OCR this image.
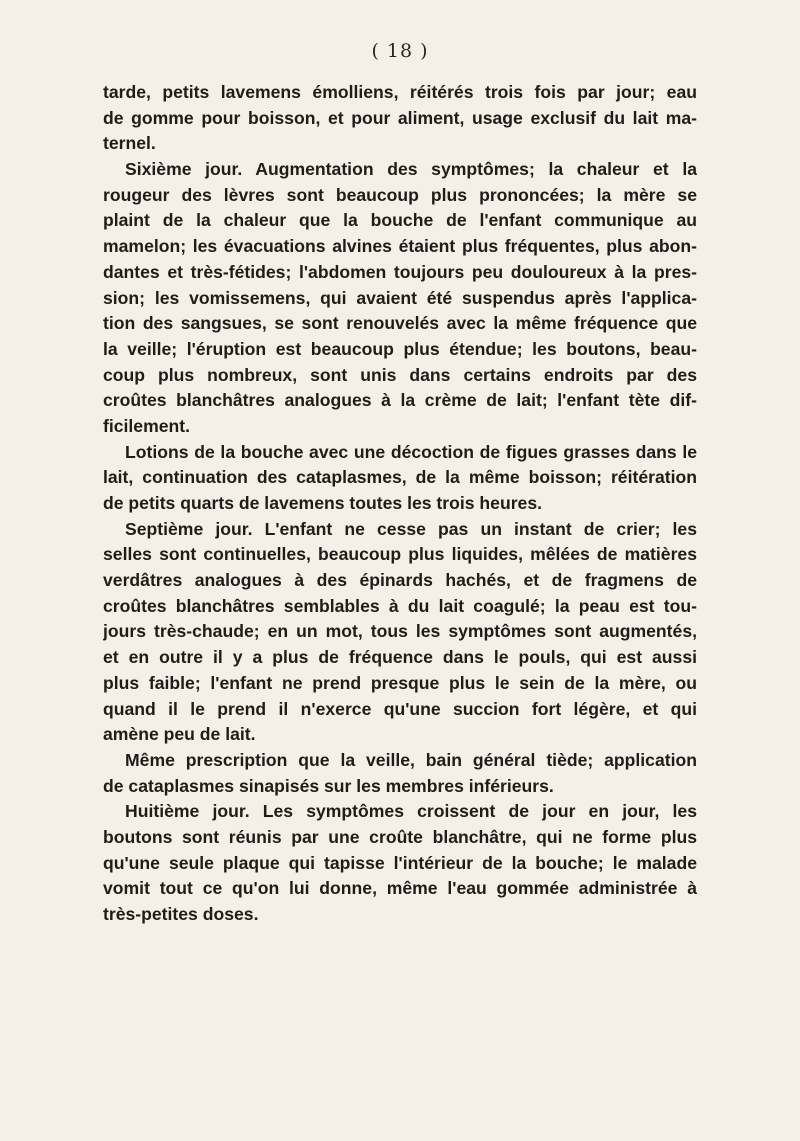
( 18 )
tarde, petits lavemens émolliens, réitérés trois fois par jour; eau
de gomme pour boisson, et pour aliment, usage exclusif du lait ma-
ternel.
Sixième jour. Augmentation des symptômes; la chaleur et la
rougeur des lèvres sont beaucoup plus prononcées; la mère se
plaint de la chaleur que la bouche de l'enfant communique au
mamelon; les évacuations alvines étaient plus fréquentes, plus abon-
dantes et très-fétides; l'abdomen toujours peu douloureux à la pres-
sion; les vomissemens, qui avaient été suspendus après l'applica-
tion des sangsues, se sont renouvelés avec la même fréquence que
la veille; l'éruption est beaucoup plus étendue; les boutons, beau-
coup plus nombreux, sont unis dans certains endroits par des
croûtes blanchâtres analogues à la crème de lait; l'enfant tète dif-
ficilement.
Lotions de la bouche avec une décoction de figues grasses dans le
lait, continuation des cataplasmes, de la même boisson; réitération
de petits quarts de lavemens toutes les trois heures.
Septième jour. L'enfant ne cesse pas un instant de crier; les
selles sont continuelles, beaucoup plus liquides, mêlées de matières
verdâtres analogues à des épinards hachés, et de fragmens de
croûtes blanchâtres semblables à du lait coagulé; la peau est tou-
jours très-chaude; en un mot, tous les symptômes sont augmentés,
et en outre il y a plus de fréquence dans le pouls, qui est aussi
plus faible; l'enfant ne prend presque plus le sein de la mère, ou
quand il le prend il n'exerce qu'une succion fort légère, et qui
amène peu de lait.
Même prescription que la veille, bain général tiède; application
de cataplasmes sinapisés sur les membres inférieurs.
Huitième jour. Les symptômes croissent de jour en jour, les
boutons sont réunis par une croûte blanchâtre, qui ne forme plus
qu'une seule plaque qui tapisse l'intérieur de la bouche; le malade
vomit tout ce qu'on lui donne, même l'eau gommée administrée à
très-petites doses.
